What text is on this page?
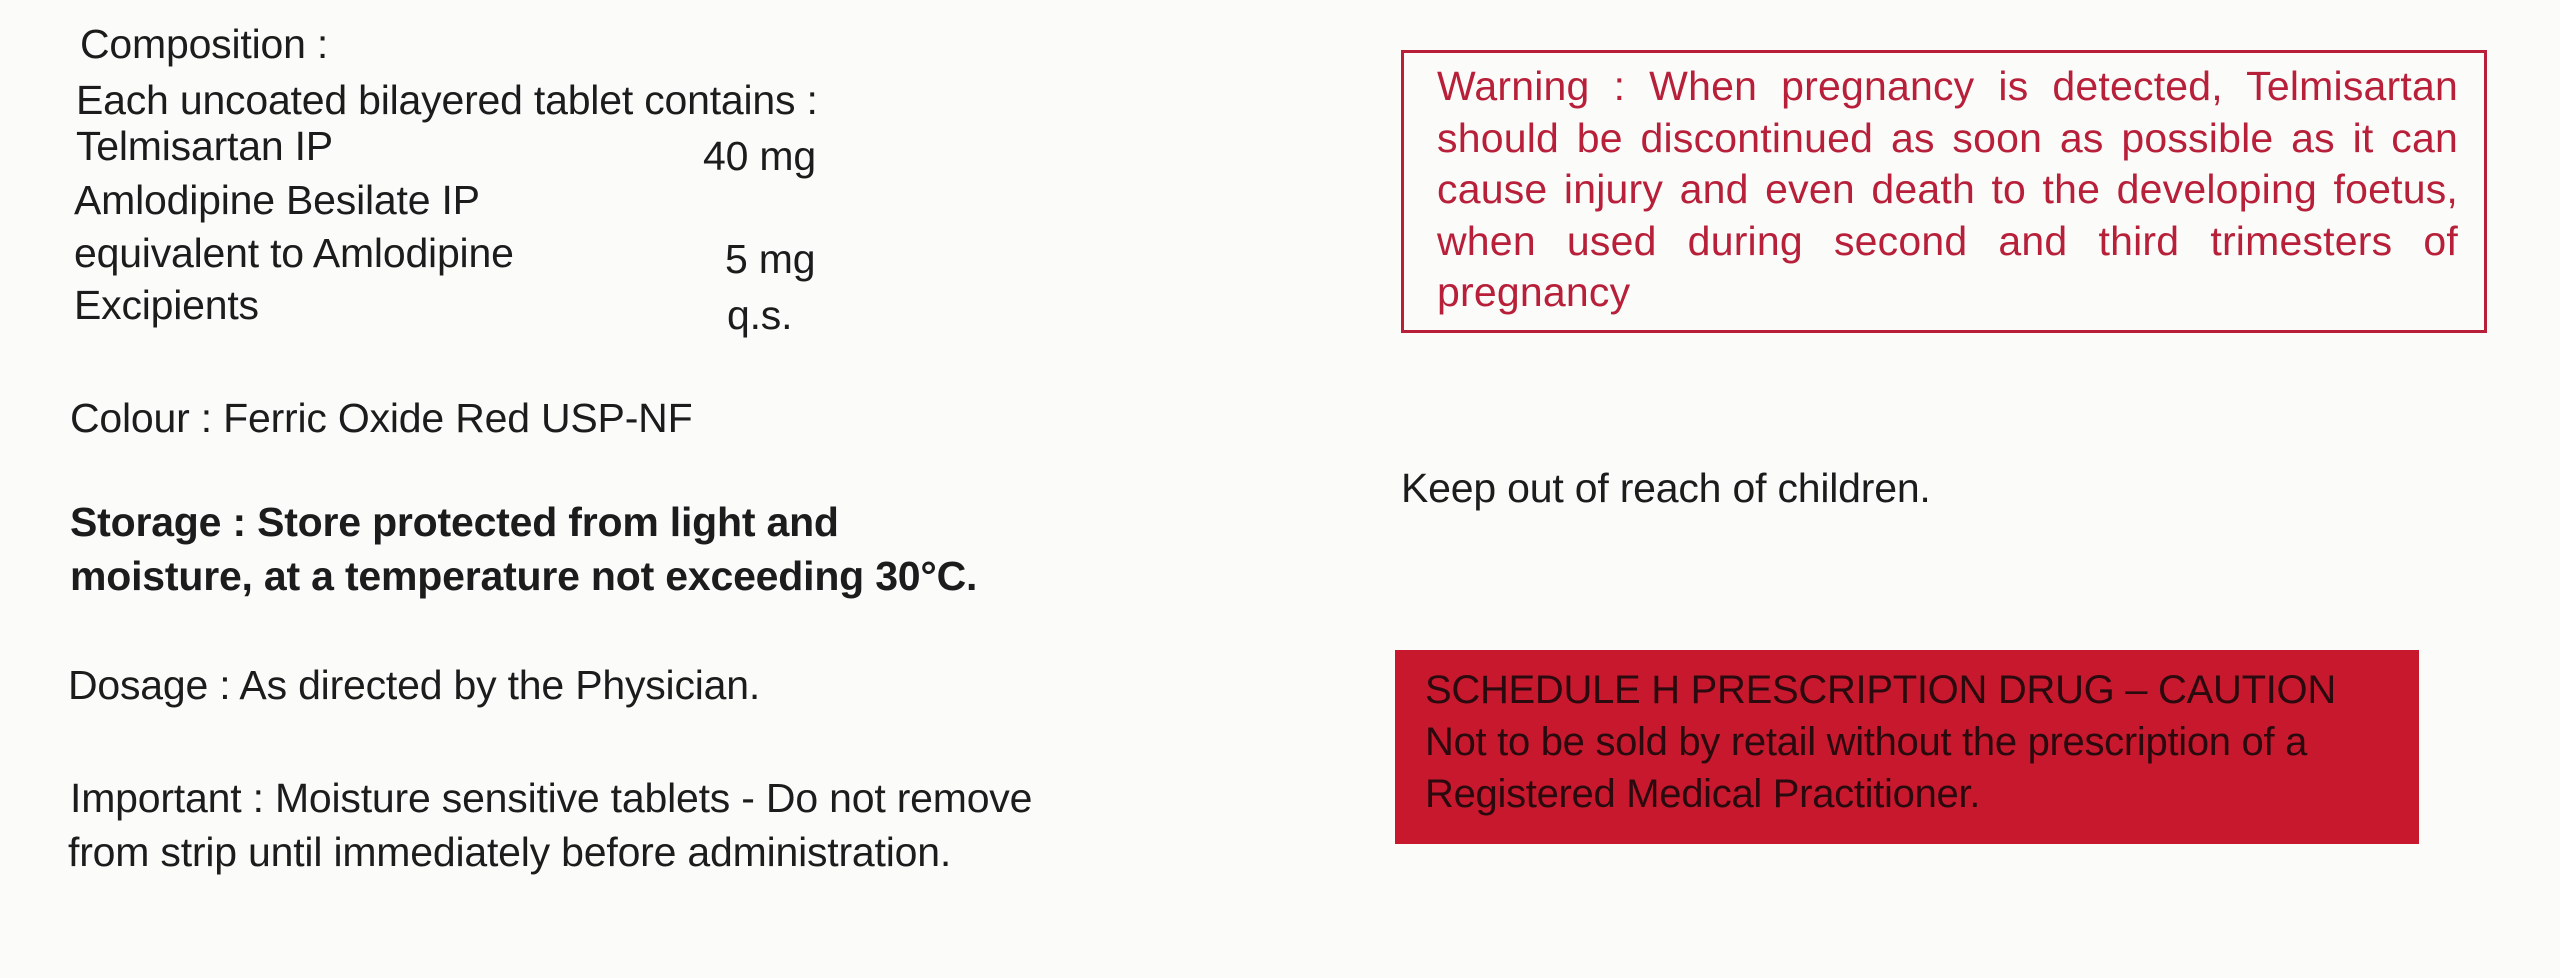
Composition :
Each uncoated bilayered tablet contains :
Telmisartan IP	40 mg
Amlodipine Besilate IP
equivalent to Amlodipine	5 mg
Excipients	q.s.
Colour : Ferric Oxide Red USP-NF
Storage : Store protected from light and
moisture, at a temperature not exceeding 30°C.
Dosage : As directed by the Physician.
Important : Moisture sensitive tablets - Do not remove
from strip until immediately before administration.
Warning : When pregnancy is detected, Telmisartan should be discontinued as soon as possible as it can cause injury and even death to the developing foetus, when used during second and third trimesters of pregnancy
Keep out of reach of children.
SCHEDULE H PRESCRIPTION DRUG – CAUTION
Not to be sold by retail without the prescription of a
Registered Medical Practitioner.
